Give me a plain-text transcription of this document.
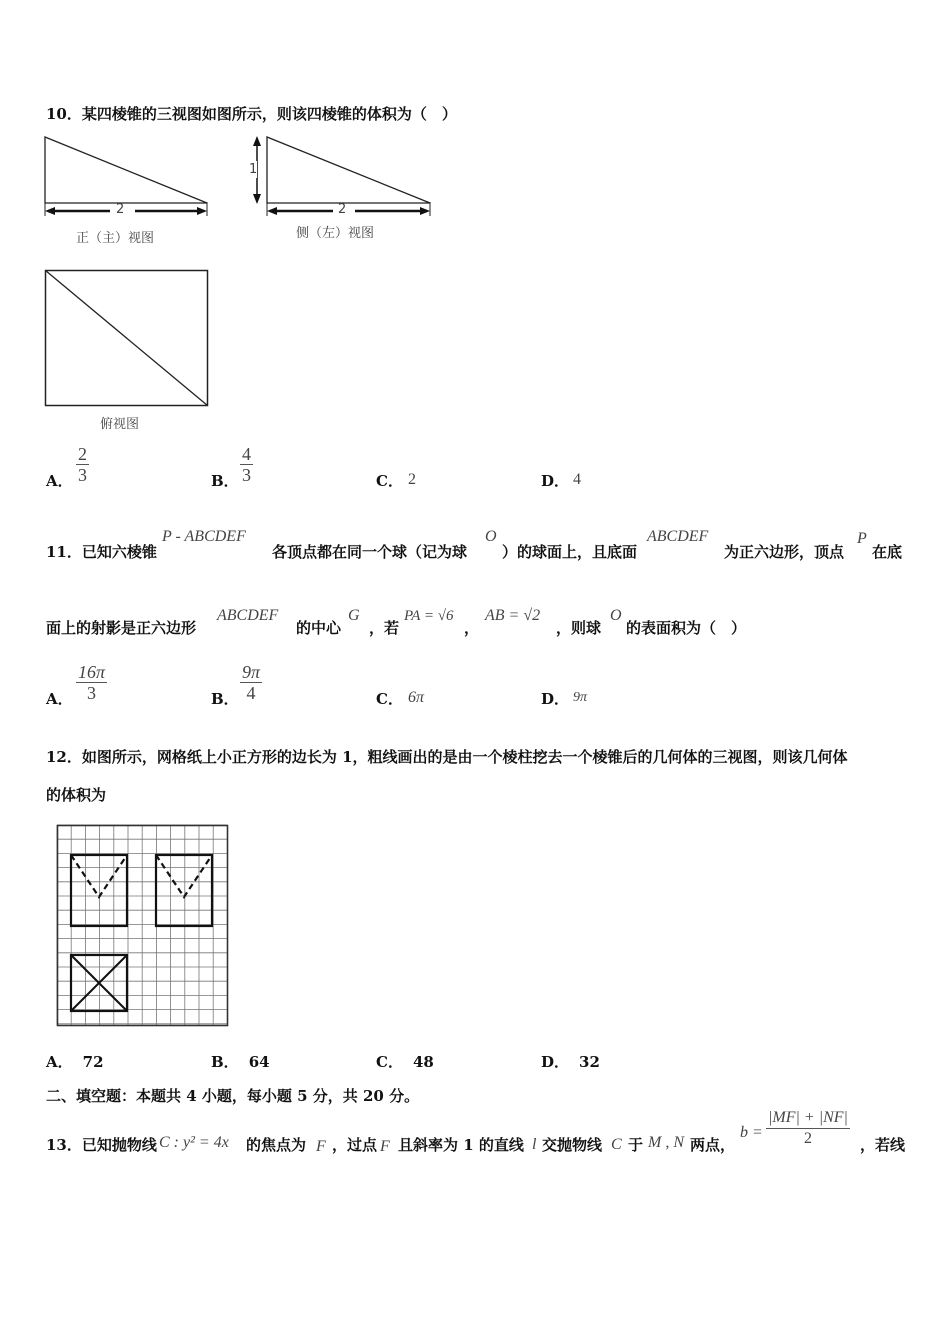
10．某四棱锥的三视图如图所示，则该四棱锥的体积为（　）
2
正（主）视图
1
2
侧（左）视图
俯视图
A． $\frac{2}{3}$	B． $\frac{4}{3}$	C． 2	D． 4
11．已知六棱锥
P - ABCDEF
各顶点都在同一个球（记为球
O
）的球面上，且底面
ABCDEF
为正六边形，顶点
P
在底
面上的射影是正六边形
ABCDEF
的中心
G
，若
PA = √6
，
AB = √2
，则球
O
的表面积为（　）
A． $\frac{16\pi}{3}$	B． $\frac{9\pi}{4}$	C． 6π	D． 9π
12．如图所示，网格纸上小正方形的边长为 1，粗线画出的是由一个棱柱挖去一个棱锥后的几何体的三视图，则该几何体
的体积为
A． 72	B． 64	C． 48	D． 32
二、填空题：本题共 4 小题，每小题 5 分，共 20 分。
13．已知抛物线 C : y² = 4x 的焦点为 F ，过点 F 且斜率为 1 的直线 l 交抛物线 C 于 M , N 两点，
$b = \frac{|MF| + |NF|}{2}$ ，若线
